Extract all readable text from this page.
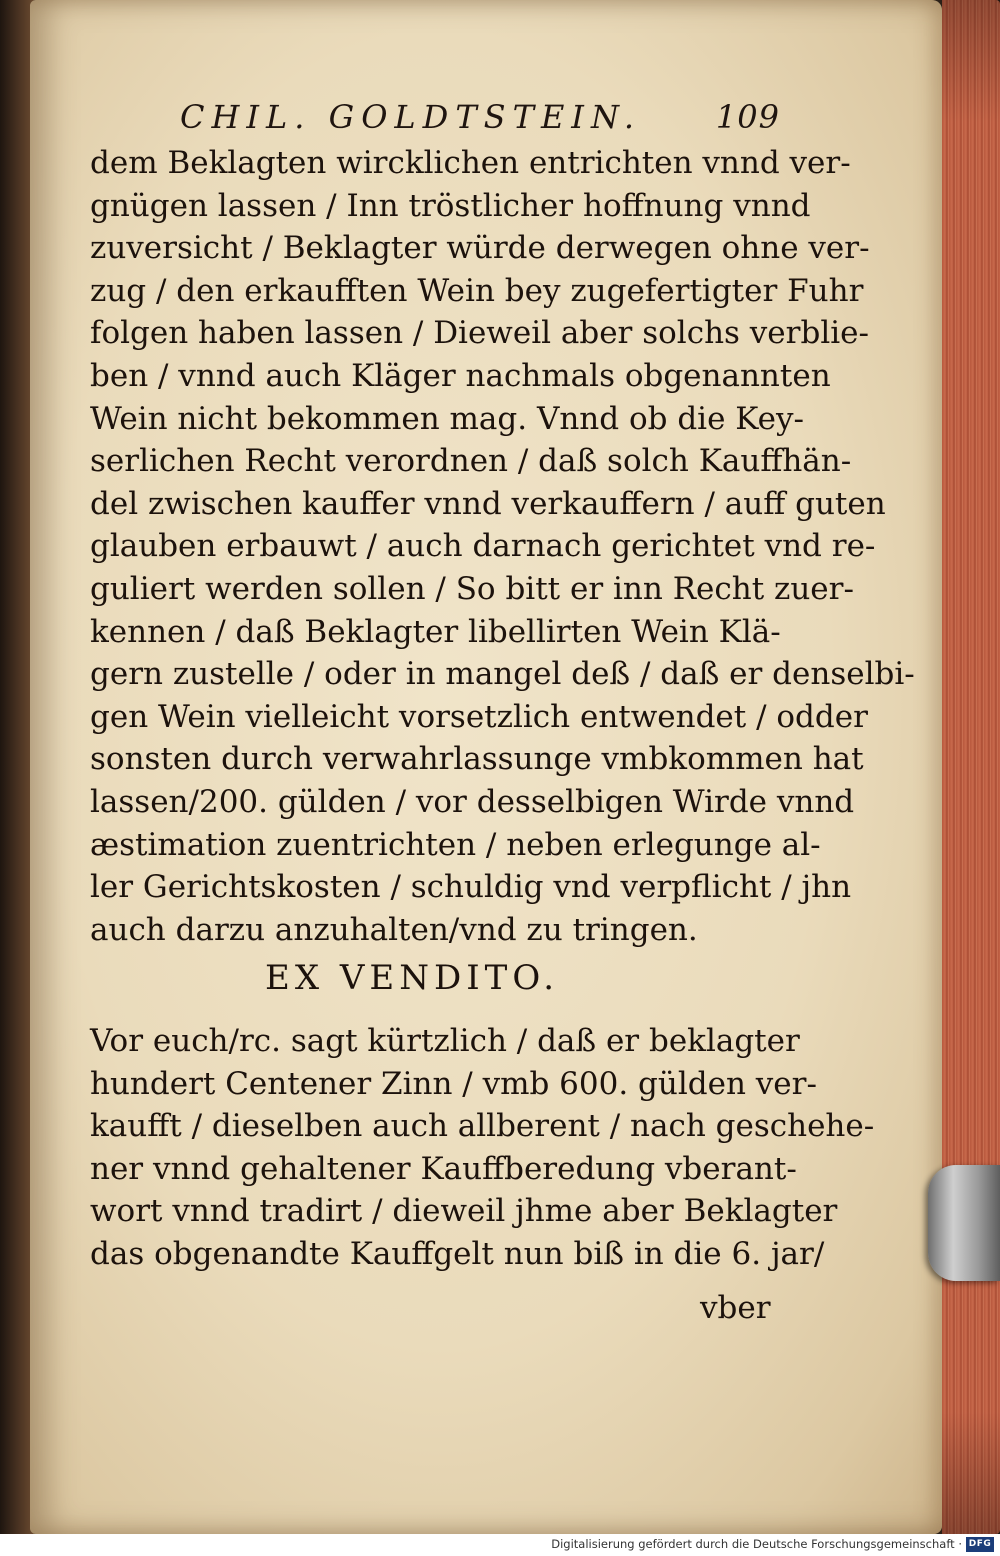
CHIL. GOLDTSTEIN. 109
dem Beklagten wircklichen entrichten vnnd ver-
gnügen lassen / Inn tröstlicher hoffnung vnnd
zuversicht / Beklagter würde derwegen ohne ver-
zug / den erkaufften Wein bey zugefertigter Fuhr
folgen haben lassen / Dieweil aber solchs verblie-
ben / vnnd auch Kläger nachmals obgenannten
Wein nicht bekommen mag. Vnnd ob die Key-
serlichen Recht verordnen / daß solch Kauffhän-
del zwischen kauffer vnnd verkauffern / auff guten
glauben erbauwt / auch darnach gerichtet vnd re-
guliert werden sollen / So bitt er inn Recht zuer-
kennen / daß Beklagter libellirten Wein Klä-
gern zustelle / oder in mangel deß / daß er denselbi-
gen Wein vielleicht vorsetzlich entwendet / odder
sonsten durch verwahrlassunge vmbkommen hat
lassen/200. gülden / vor desselbigen Wirde vnnd
æstimation zuentrichten / neben erlegunge al-
ler Gerichtskosten / schuldig vnd verpflicht / jhn
auch darzu anzuhalten/vnd zu tringen.
EX VENDITO.
Vor euch/rc. sagt kürtzlich / daß er beklagter
hundert Centener Zinn / vmb 600. gülden ver-
kaufft / dieselben auch allberent / nach geschehe-
ner vnnd gehaltener Kauffberedung vberant-
wort vnnd tradirt / dieweil jhme aber Beklagter
das obgenandte Kauffgelt nun biß in die 6. jar/
vber
Digitalisierung gefördert durch die Deutsche Forschungsgemeinschaft · DFG
